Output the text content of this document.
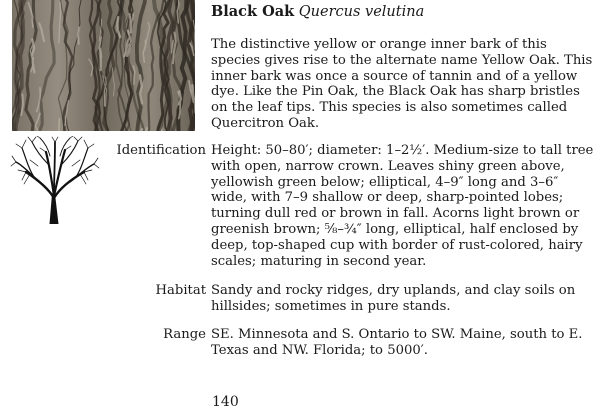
Black Oak Quercus velutina

The distinctive yellow or orange inner bark of this species gives rise to the alternate name Yellow Oak. This inner bark was once a source of tannin and of a yellow dye. Like the Pin Oak, the Black Oak has sharp bristles on the leaf tips. This species is also sometimes called Quercitron Oak.

Identification Height: 50–80′; diameter: 1–2½′. Medium-size to tall tree with open, narrow crown. Leaves shiny green above, yellowish green below; elliptical, 4–9″ long and 3–6″ wide, with 7–9 shallow or deep, sharp-pointed lobes; turning dull red or brown in fall. Acorns light brown or greenish brown; ⅝–¾″ long, elliptical, half enclosed by deep, top-shaped cup with border of rust-colored, hairy scales; maturing in second year.

Habitat Sandy and rocky ridges, dry uplands, and clay soils on hillsides; sometimes in pure stands.

Range SE. Minnesota and S. Ontario to SW. Maine, south to E. Texas and NW. Florida; to 5000′.

140
